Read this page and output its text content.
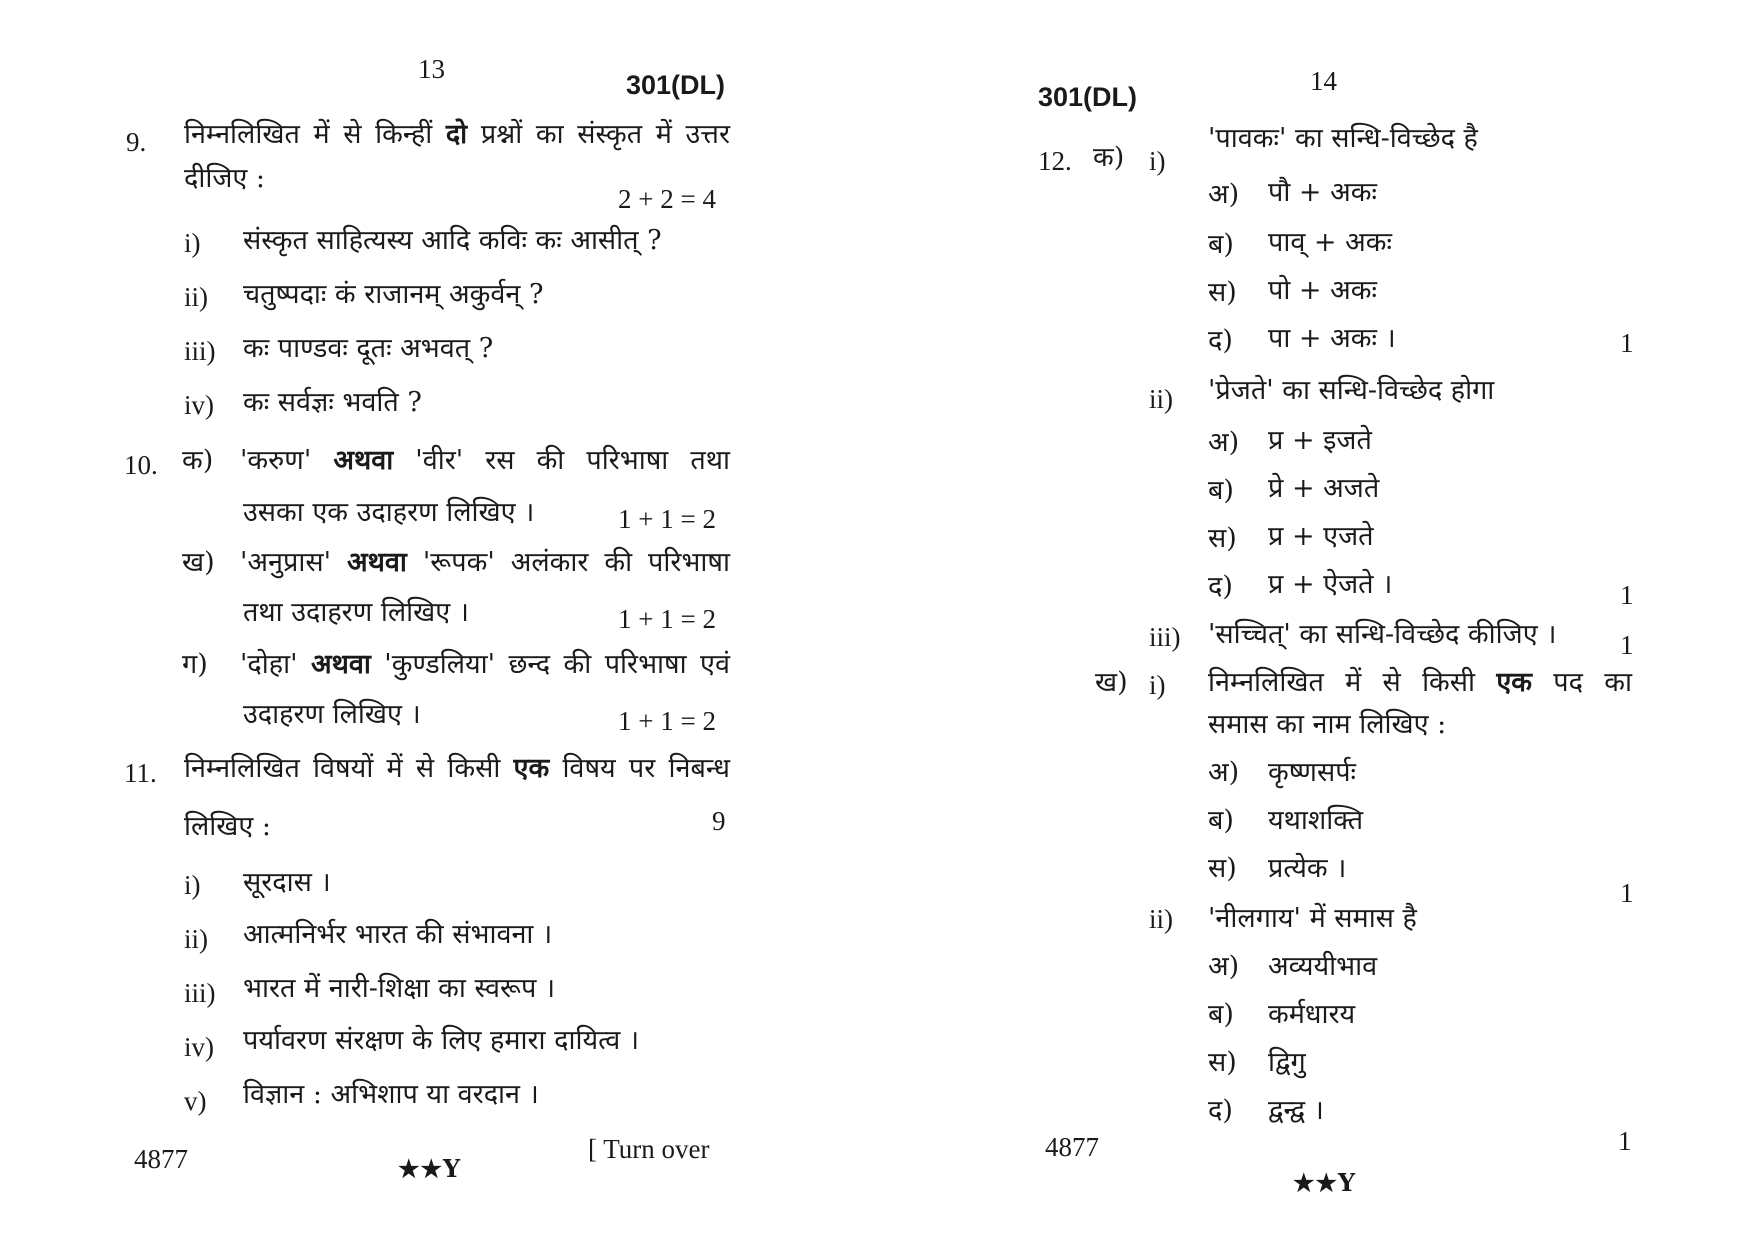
13
301(DL)
9. निम्नलिखित में से किन्हीं दो प्रश्नों का संस्कृत में उत्तर
दीजिए :
2 + 2 = 4
i) संस्कृत साहित्यस्य आदि कविः कः आसीत् ?
ii) चतुष्पदाः कं राजानम् अकुर्वन् ?
iii) कः पाण्डवः दूतः अभवत् ?
iv) कः सर्वज्ञः भवति ?
10. क) 'करुण' अथवा 'वीर' रस की परिभाषा तथा
उसका एक उदाहरण लिखिए ।	1 + 1 = 2
ख) 'अनुप्रास' अथवा 'रूपक' अलंकार की परिभाषा
तथा उदाहरण लिखिए ।	1 + 1 = 2
ग) 'दोहा' अथवा 'कुण्डलिया' छन्द की परिभाषा एवं
उदाहरण लिखिए ।	1 + 1 = 2
11. निम्नलिखित विषयों में से किसी एक विषय पर निबन्ध
लिखिए :	9
i) सूरदास ।
ii) आत्मनिर्भर भारत की संभावना ।
iii) भारत में नारी-शिक्षा का स्वरूप ।
iv) पर्यावरण संरक्षण के लिए हमारा दायित्व ।
v) विज्ञान : अभिशाप या वरदान ।
4877	★★Y
[ Turn over
301(DL)
14
12. क) i)
'पावकः' का सन्धि-विच्छेद है
अ) पौ + अकः
ब) पाव् + अकः
स) पो + अकः
द) पा + अकः ।	1
ii) 'प्रेजते' का सन्धि-विच्छेद होगा
अ) प्र + इजते
ब) प्रे + अजते
स) प्र + एजते
द) प्र + ऐजते ।	1
iii) 'सच्चित्' का सन्धि-विच्छेद कीजिए । 1
ख) i) निम्नलिखित में से किसी एक पद का
समास का नाम लिखिए :
अ) कृष्णसर्पः
ब) यथाशक्ति
स) प्रत्येक ।
1
ii) 'नीलगाय' में समास है
अ) अव्ययीभाव
ब) कर्मधारय
स) द्विगु
द) द्वन्द्व ।
1
4877
★★Y
